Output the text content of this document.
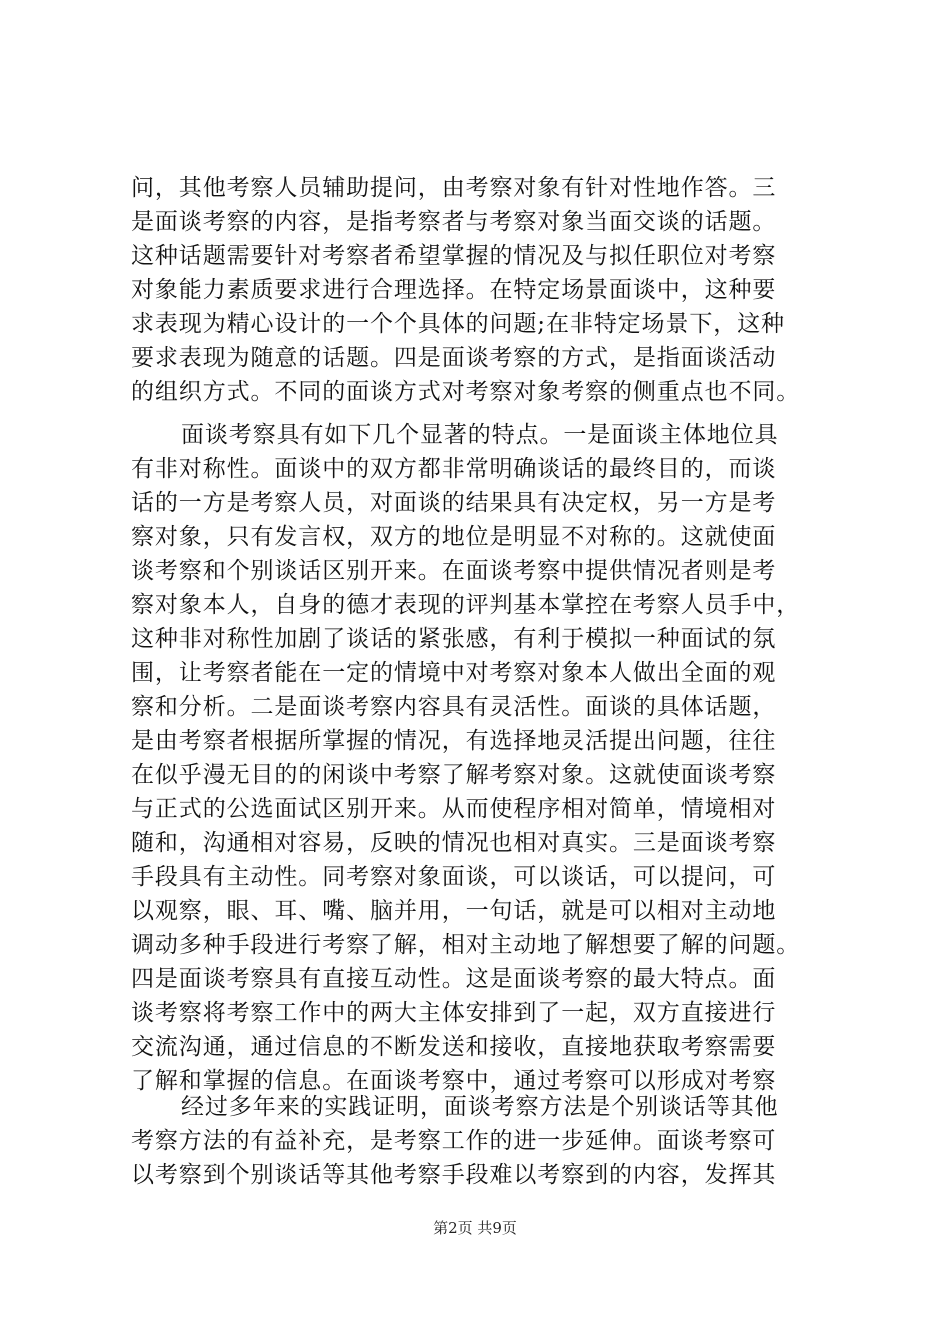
问，其他考察人员辅助提问，由考察对象有针对性地作答。三
是面谈考察的内容，是指考察者与考察对象当面交谈的话题。
这种话题需要针对考察者希望掌握的情况及与拟任职位对考察
对象能力素质要求进行合理选择。在特定场景面谈中，这种要
求表现为精心设计的一个个具体的问题;在非特定场景下，这种
要求表现为随意的话题。四是面谈考察的方式，是指面谈活动
的组织方式。不同的面谈方式对考察对象考察的侧重点也不同。
面谈考察具有如下几个显著的特点。一是面谈主体地位具
有非对称性。面谈中的双方都非常明确谈话的最终目的，而谈
话的一方是考察人员，对面谈的结果具有决定权，另一方是考
察对象，只有发言权，双方的地位是明显不对称的。这就使面
谈考察和个别谈话区别开来。在面谈考察中提供情况者则是考
察对象本人，自身的德才表现的评判基本掌控在考察人员手中，
这种非对称性加剧了谈话的紧张感，有利于模拟一种面试的氛
围，让考察者能在一定的情境中对考察对象本人做出全面的观
察和分析。二是面谈考察内容具有灵活性。面谈的具体话题，
是由考察者根据所掌握的情况，有选择地灵活提出问题，往往
在似乎漫无目的的闲谈中考察了解考察对象。这就使面谈考察
与正式的公选面试区别开来。从而使程序相对简单，情境相对
随和，沟通相对容易，反映的情况也相对真实。三是面谈考察
手段具有主动性。同考察对象面谈，可以谈话，可以提问，可
以观察，眼、耳、嘴、脑并用，一句话，就是可以相对主动地
调动多种手段进行考察了解，相对主动地了解想要了解的问题。
四是面谈考察具有直接互动性。这是面谈考察的最大特点。面
谈考察将考察工作中的两大主体安排到了一起，双方直接进行
交流沟通，通过信息的不断发送和接收，直接地获取考察需要
了解和掌握的信息。在面谈考察中，通过考察可以形成对考察
经过多年来的实践证明，面谈考察方法是个别谈话等其他
考察方法的有益补充，是考察工作的进一步延伸。面谈考察可
以考察到个别谈话等其他考察手段难以考察到的内容，发挥其
第2页 共9页
